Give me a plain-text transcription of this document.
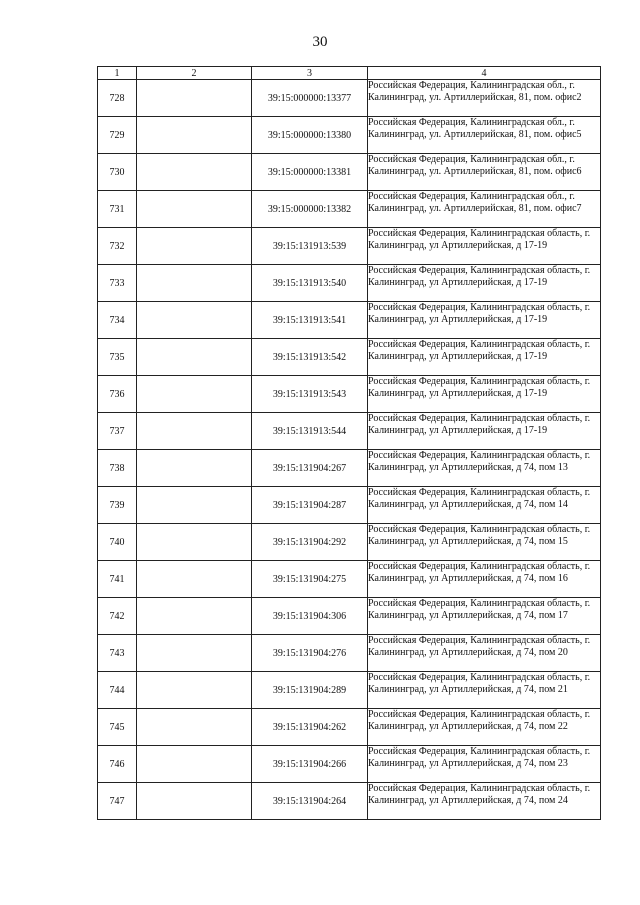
30
1	2	3	4
728		39:15:000000:13377	Российская Федерация, Калининградская обл., г. Калининград, ул. Артиллерийская, 81, пом. офис2
729		39:15:000000:13380	Российская Федерация, Калининградская обл., г. Калининград, ул. Артиллерийская, 81, пом. офис5
730		39:15:000000:13381	Российская Федерация, Калининградская обл., г. Калининград, ул. Артиллерийская, 81, пом. офис6
731		39:15:000000:13382	Российская Федерация, Калининградская обл., г. Калининград, ул. Артиллерийская, 81, пом. офис7
732		39:15:131913:539	Российская Федерация, Калининградская область, г. Калининград, ул Артиллерийская, д 17-19
733		39:15:131913:540	Российская Федерация, Калининградская область, г. Калининград, ул Артиллерийская, д 17-19
734		39:15:131913:541	Российская Федерация, Калининградская область, г. Калининград, ул Артиллерийская, д 17-19
735		39:15:131913:542	Российская Федерация, Калининградская область, г. Калининград, ул Артиллерийская, д 17-19
736		39:15:131913:543	Российская Федерация, Калининградская область, г. Калининград, ул Артиллерийская, д 17-19
737		39:15:131913:544	Российская Федерация, Калининградская область, г. Калининград, ул Артиллерийская, д 17-19
738		39:15:131904:267	Российская Федерация, Калининградская область, г. Калининград, ул Артиллерийская, д 74, пом 13
739		39:15:131904:287	Российская Федерация, Калининградская область, г. Калининград, ул Артиллерийская, д 74, пом 14
740		39:15:131904:292	Российская Федерация, Калининградская область, г. Калининград, ул Артиллерийская, д 74, пом 15
741		39:15:131904:275	Российская Федерация, Калининградская область, г. Калининград, ул Артиллерийская, д 74, пом 16
742		39:15:131904:306	Российская Федерация, Калининградская область, г. Калининград, ул Артиллерийская, д 74, пом 17
743		39:15:131904:276	Российская Федерация, Калининградская область, г. Калининград, ул Артиллерийская, д 74, пом 20
744		39:15:131904:289	Российская Федерация, Калининградская область, г. Калининград, ул Артиллерийская, д 74, пом 21
745		39:15:131904:262	Российская Федерация, Калининградская область, г. Калининград, ул Артиллерийская, д 74, пом 22
746		39:15:131904:266	Российская Федерация, Калининградская область, г. Калининград, ул Артиллерийская, д 74, пом 23
747		39:15:131904:264	Российская Федерация, Калининградская область, г. Калининград, ул Артиллерийская, д 74, пом 24
